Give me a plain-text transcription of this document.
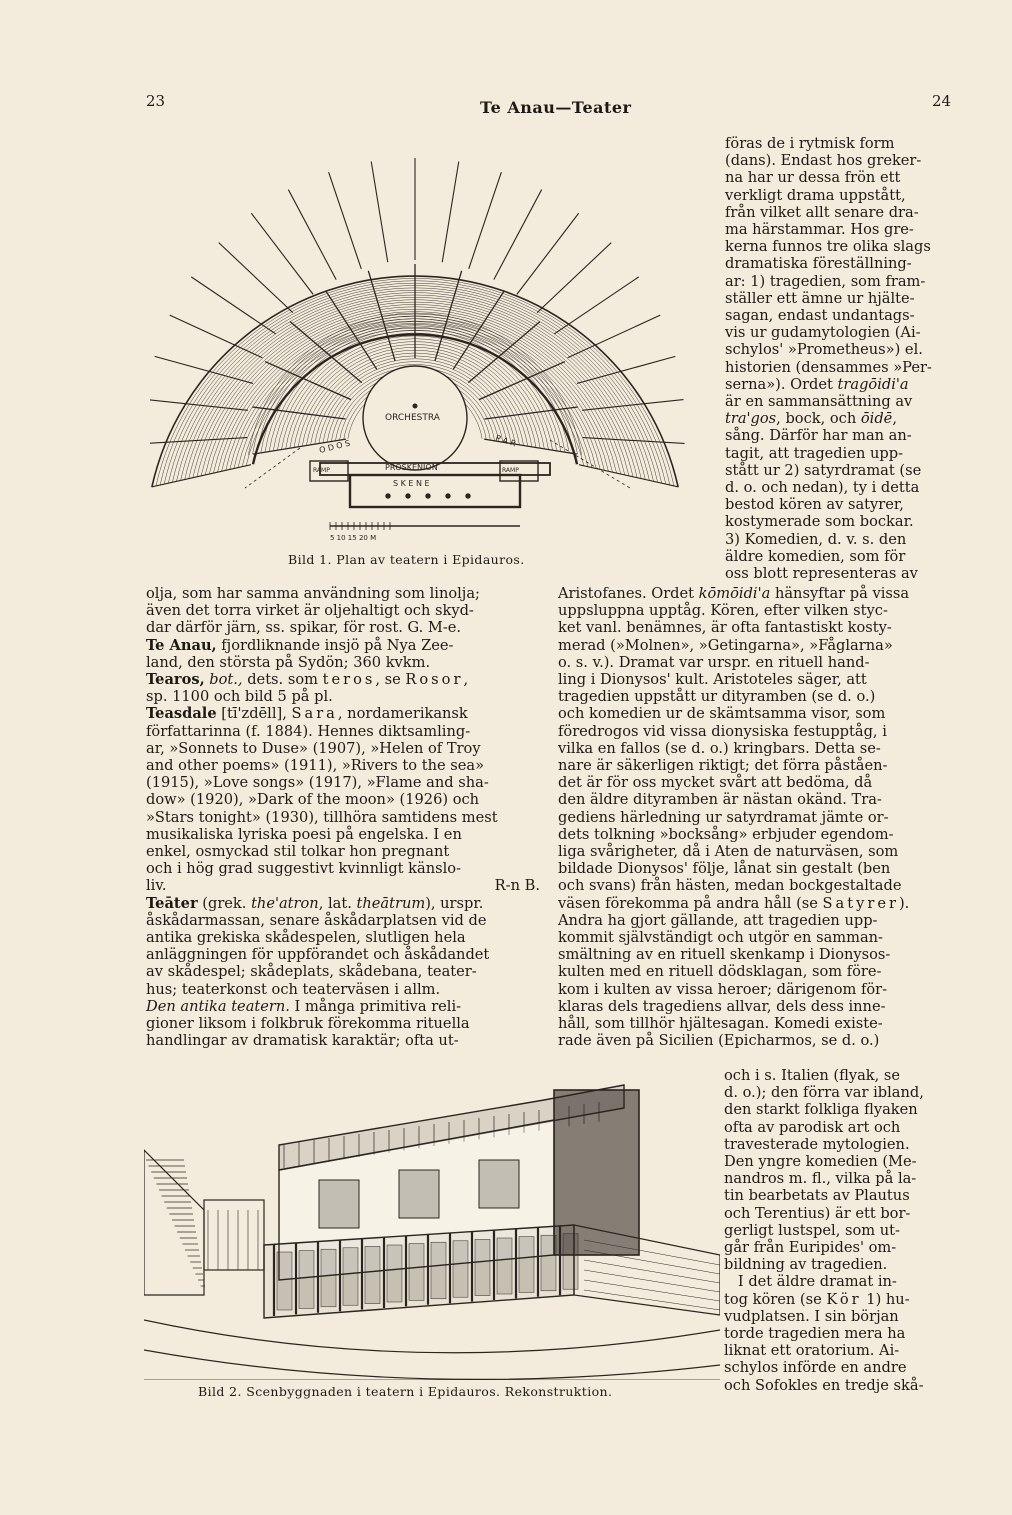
23	Te Anau—Teater	24
ORCHESTRA
PROSKENION
S K E N E
O D O S	P A R
RAMP	RAMP
5 10 15 20 M
Bild 1. Plan av teatern i Epidauros.
föras de i rytmisk form
(dans). Endast hos greker-
na har ur dessa frön ett
verkligt drama uppstått,
från vilket allt senare dra-
ma härstammar. Hos gre-
kerna funnos tre olika slags
dramatiska föreställning-
ar: 1) tragedien, som fram-
ställer ett ämne ur hjälte-
sagan, endast undantags-
vis ur gudamytologien (Ai-
schylos' »Prometheus») el.
historien (densammes »Per-
serna»). Ordet tragōidi'a
är en sammansättning av
tra'gos, bock, och ōidē,
sång. Därför har man an-
tagit, att tragedien upp-
stått ur 2) satyrdramat (se
d. o. och nedan), ty i detta
bestod kören av satyrer,
kostymerade som bockar.
3) Komedien, d. v. s. den
äldre komedien, som för
oss blott representeras av
olja, som har samma användning som linolja;
även det torra virket är oljehaltigt och skyd-
dar därför järn, ss. spikar, för rost. G. M-e.
Te Anau, fjordliknande insjö på Nya Zee-
land, den största på Sydön; 360 kvkm.
Tearos, bot., dets. som teros, se Rosor,
sp. 1100 och bild 5 på pl.
Teasdale [tī'zdēll], Sara, nordamerikansk
författarinna (f. 1884). Hennes diktsamling-
ar, »Sonnets to Duse» (1907), »Helen of Troy
and other poems» (1911), »Rivers to the sea»
(1915), »Love songs» (1917), »Flame and sha-
dow» (1920), »Dark of the moon» (1926) och
»Stars tonight» (1930), tillhöra samtidens mest
musikaliska lyriska poesi på engelska. I en
enkel, osmyckad stil tolkar hon pregnant
och i hög grad suggestivt kvinnligt känslo-
liv.	R-n B.
Teāter (grek. the'atron, lat. theātrum), urspr.
åskådarmassan, senare åskådarplatsen vid de
antika grekiska skådespelen, slutligen hela
anläggningen för uppförandet och åskådandet
av skådespel; skådeplats, skådebana, teater-
hus; teaterkonst och teaterväsen i allm.
Den antika teatern. I många primitiva reli-
gioner liksom i folkbruk förekomma rituella
handlingar av dramatisk karaktär; ofta ut-
Aristofanes. Ordet kōmōidi'a hänsyftar på vissa
uppsluppna upptåg. Kören, efter vilken styc-
ket vanl. benämnes, är ofta fantastiskt kosty-
merad (»Molnen», »Getingarna», »Fåglarna»
o. s. v.). Dramat var urspr. en rituell hand-
ling i Dionysos' kult. Aristoteles säger, att
tragedien uppstått ur dityramben (se d. o.)
och komedien ur de skämtsamma visor, som
föredrogos vid vissa dionysiska festupptåg, i
vilka en fallos (se d. o.) kringbars. Detta se-
nare är säkerligen riktigt; det förra påståen-
det är för oss mycket svårt att bedöma, då
den äldre dityramben är nästan okänd. Tra-
gediens härledning ur satyrdramat jämte or-
dets tolkning »bocksång» erbjuder egendom-
liga svårigheter, då i Aten de naturväsen, som
bildade Dionysos' följe, lånat sin gestalt (ben
och svans) från hästen, medan bockgestaltade
väsen förekomma på andra håll (se Satyrer).
Andra ha gjort gällande, att tragedien upp-
kommit självständigt och utgör en samman-
smältning av en rituell skenkamp i Dionysos-
kulten med en rituell dödsklagan, som före-
kom i kulten av vissa heroer; därigenom för-
klaras dels tragediens allvar, dels dess inne-
håll, som tillhör hjältesagan. Komedi existe-
rade även på Sicilien (Epicharmos, se d. o.)
Bild 2. Scenbyggnaden i teatern i Epidauros. Rekonstruktion.
och i s. Italien (flyak, se
d. o.); den förra var ibland,
den starkt folkliga flyaken
ofta av parodisk art och
travesterade mytologien.
Den yngre komedien (Me-
nandros m. fl., vilka på la-
tin bearbetats av Plautus
och Terentius) är ett bor-
gerligt lustspel, som ut-
går från Euripides' om-
bildning av tragedien.
I det äldre dramat in-
tog kören (se Kör 1) hu-
vudplatsen. I sin början
torde tragedien mera ha
liknat ett oratorium. Ai-
schylos införde en andre
och Sofokles en tredje skå-
